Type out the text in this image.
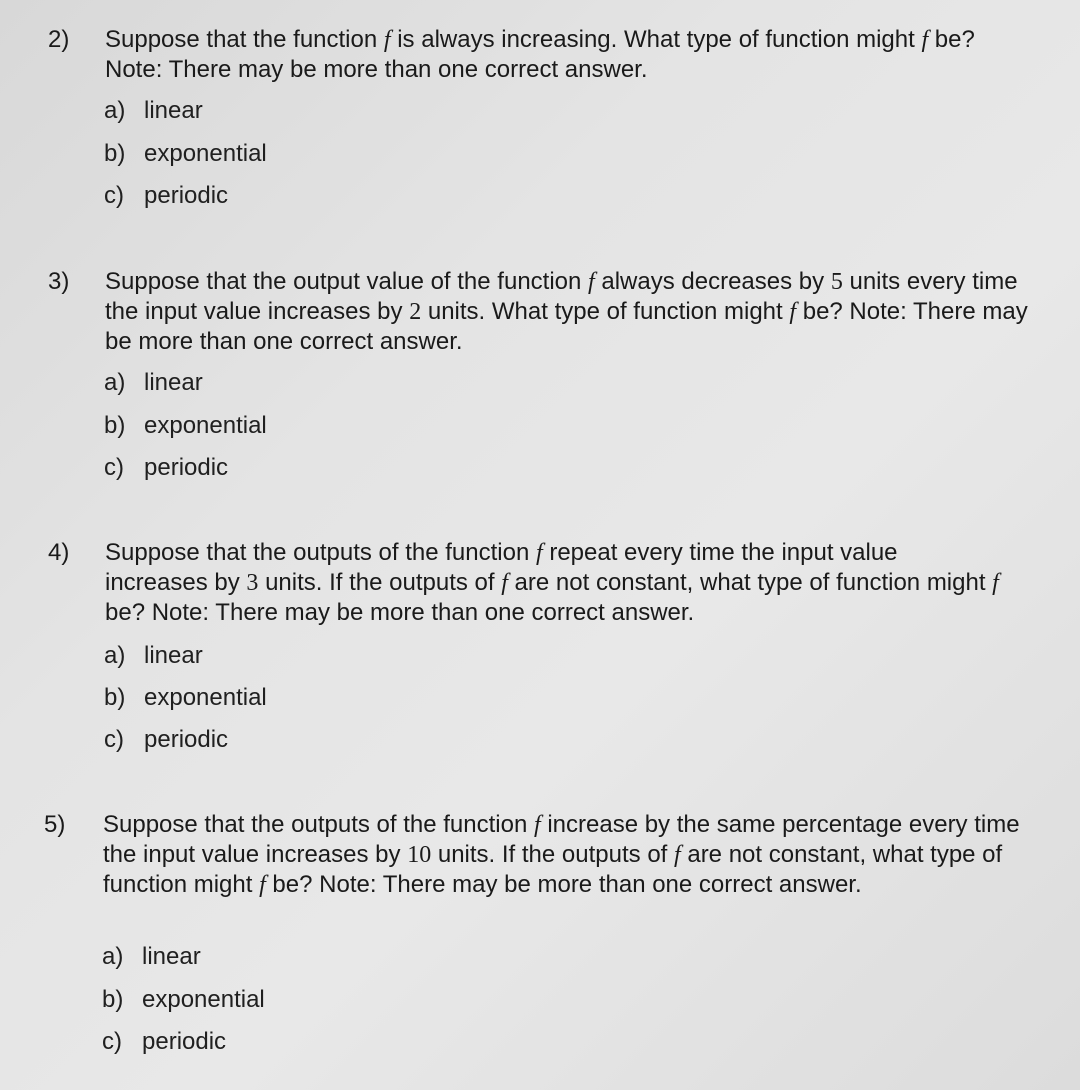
2) Suppose that the function f is always increasing. What type of function might f be? Note: There may be more than one correct answer.
a) linear
b) exponential
c) periodic
3) Suppose that the output value of the function f always decreases by 5 units every time the input value increases by 2 units. What type of function might f be? Note: There may be more than one correct answer.
a) linear
b) exponential
c) periodic
4) Suppose that the outputs of the function f repeat every time the input value increases by 3 units. If the outputs of f are not constant, what type of function might f be? Note: There may be more than one correct answer.
a) linear
b) exponential
c) periodic
5) Suppose that the outputs of the function f increase by the same percentage every time the input value increases by 10 units. If the outputs of f are not constant, what type of function might f be? Note: There may be more than one correct answer.
a) linear
b) exponential
c) periodic
